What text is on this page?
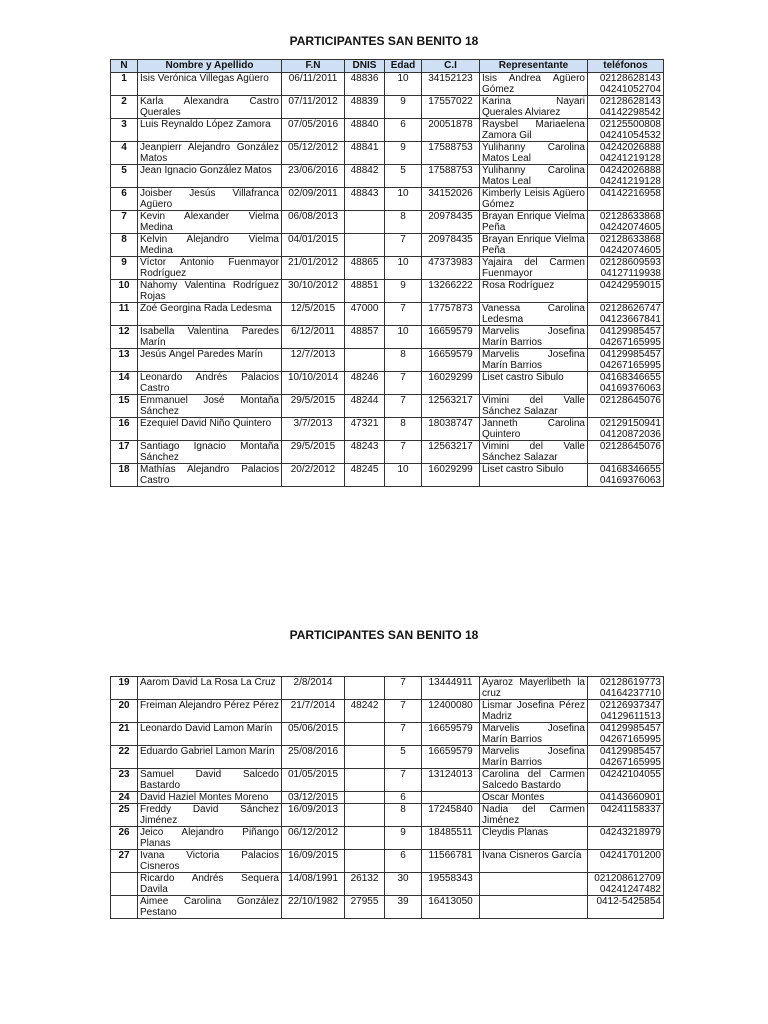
PARTICIPANTES SAN BENITO 18
N	Nombre y Apellido	F.N	DNIS	Edad	C.I	Representante	teléfonos
1	Isis Verónica Villegas Agüero	06/11/2011	48836	10	34152123	Isis Andrea Agüero Gómez	02128628143
04241052704
2	Karla Alexandra Castro Querales	07/11/2012	48839	9	17557022	Karina Nayari Querales Alviarez	02128628143
04142298542
3	Luis Reynaldo López Zamora	07/05/2016	48840	6	20051878	Raysbel Mariaelena Zamora Gil	02125500808
04241054532
4	Jeanpierr Alejandro González Matos	05/12/2012	48841	9	17588753	Yulihanny Carolina Matos Leal	04242026888
04241219128
5	Jean Ignacio González Matos	23/06/2016	48842	5	17588753	Yulihanny Carolina Matos Leal	04242026888
04241219128
6	Joisber Jesús Villafranca Agüero	02/09/2011	48843	10	34152026	Kimberly Leisis Agüero Gómez	04142216958
7	Kevin Alexander Vielma Medina	06/08/2013		8	20978435	Brayan Enrique Vielma Peña	02128633868
04242074605
8	Kelvin Alejandro Vielma Medina	04/01/2015		7	20978435	Brayan Enrique Vielma Peña	02128633868
04242074605
9	Víctor Antonio Fuenmayor Rodríguez	21/01/2012	48865	10	47373983	Yajaira del Carmen Fuenmayor	02128609593
04127119938
10	Nahomy Valentina Rodríguez Rojas	30/10/2012	48851	9	13266222	Rosa Rodríguez	04242959015
11	Zoé Georgina Rada Ledesma	12/5/2015	47000	7	17757873	Vanessa Carolina Ledesma	02128626747
04123667841
12	Isabella Valentina Paredes Marín	6/12/2011	48857	10	16659579	Marvelis Josefina Marín Barrios	04129985457
04267165995
13	Jesús Ángel Paredes Marín	12/7/2013		8	16659579	Marvelis Josefina Marín Barrios	04129985457
04267165995
14	Leonardo Andrés Palacios Castro	10/10/2014	48246	7	16029299	Liset castro Sibulo	04168346655
04169376063
15	Emmanuel José Montaña Sánchez	29/5/2015	48244	7	12563217	Vimini del Valle Sánchez Salazar	02128645076
16	Ezequiel David Niño Quintero	3/7/2013	47321	8	18038747	Janneth Carolina Quintero	02129150941
04120872036
17	Santiago Ignacio Montaña Sánchez	29/5/2015	48243	7	12563217	Vimini del Valle Sánchez Salazar	02128645076
18	Mathías Alejandro Palacios Castro	20/2/2012	48245	10	16029299	Liset castro Sibulo	04168346655
04169376063
PARTICIPANTES SAN BENITO 18
19	Aarom David La Rosa La Cruz	2/8/2014		7	13444911	Ayaroz Mayerlibeth la cruz	02128619773
04164237710
20	Freiman Alejandro Pérez Pérez	21/7/2014	48242	7	12400080	Lismar Josefina Pérez Madriz	02126937347
04129611513
21	Leonardo David Lamon Marín	05/06/2015		7	16659579	Marvelis Josefina Marín Barrios	04129985457
04267165995
22	Eduardo Gabriel Lamon Marín	25/08/2016		5	16659579	Marvelis Josefina Marín Barrios	04129985457
04267165995
23	Samuel David Salcedo Bastardo	01/05/2015		7	13124013	Carolina del Carmen Salcedo Bastardo	04242104055
24	David Haziel Montes Moreno	03/12/2015		6		Oscar Montes	04143660901
25	Freddy David Sánchez Jiménez	16/09/2013		8	17245840	Nadia del Carmen Jiménez	04241158337
26	Jeico Alejandro Piñango Planas	06/12/2012		9	18485511	Cleydis Planas	04243218979
27	Ivana Victoria Palacios Cisneros	16/09/2015		6	11566781	Ivana Cisneros García	04241701200
	Ricardo Andrés Sequera Davila	14/08/1991	26132	30	19558343		021208612709
04241247482
	Aimee Carolina González Pestano	22/10/1982	27955	39	16413050		0412-5425854
